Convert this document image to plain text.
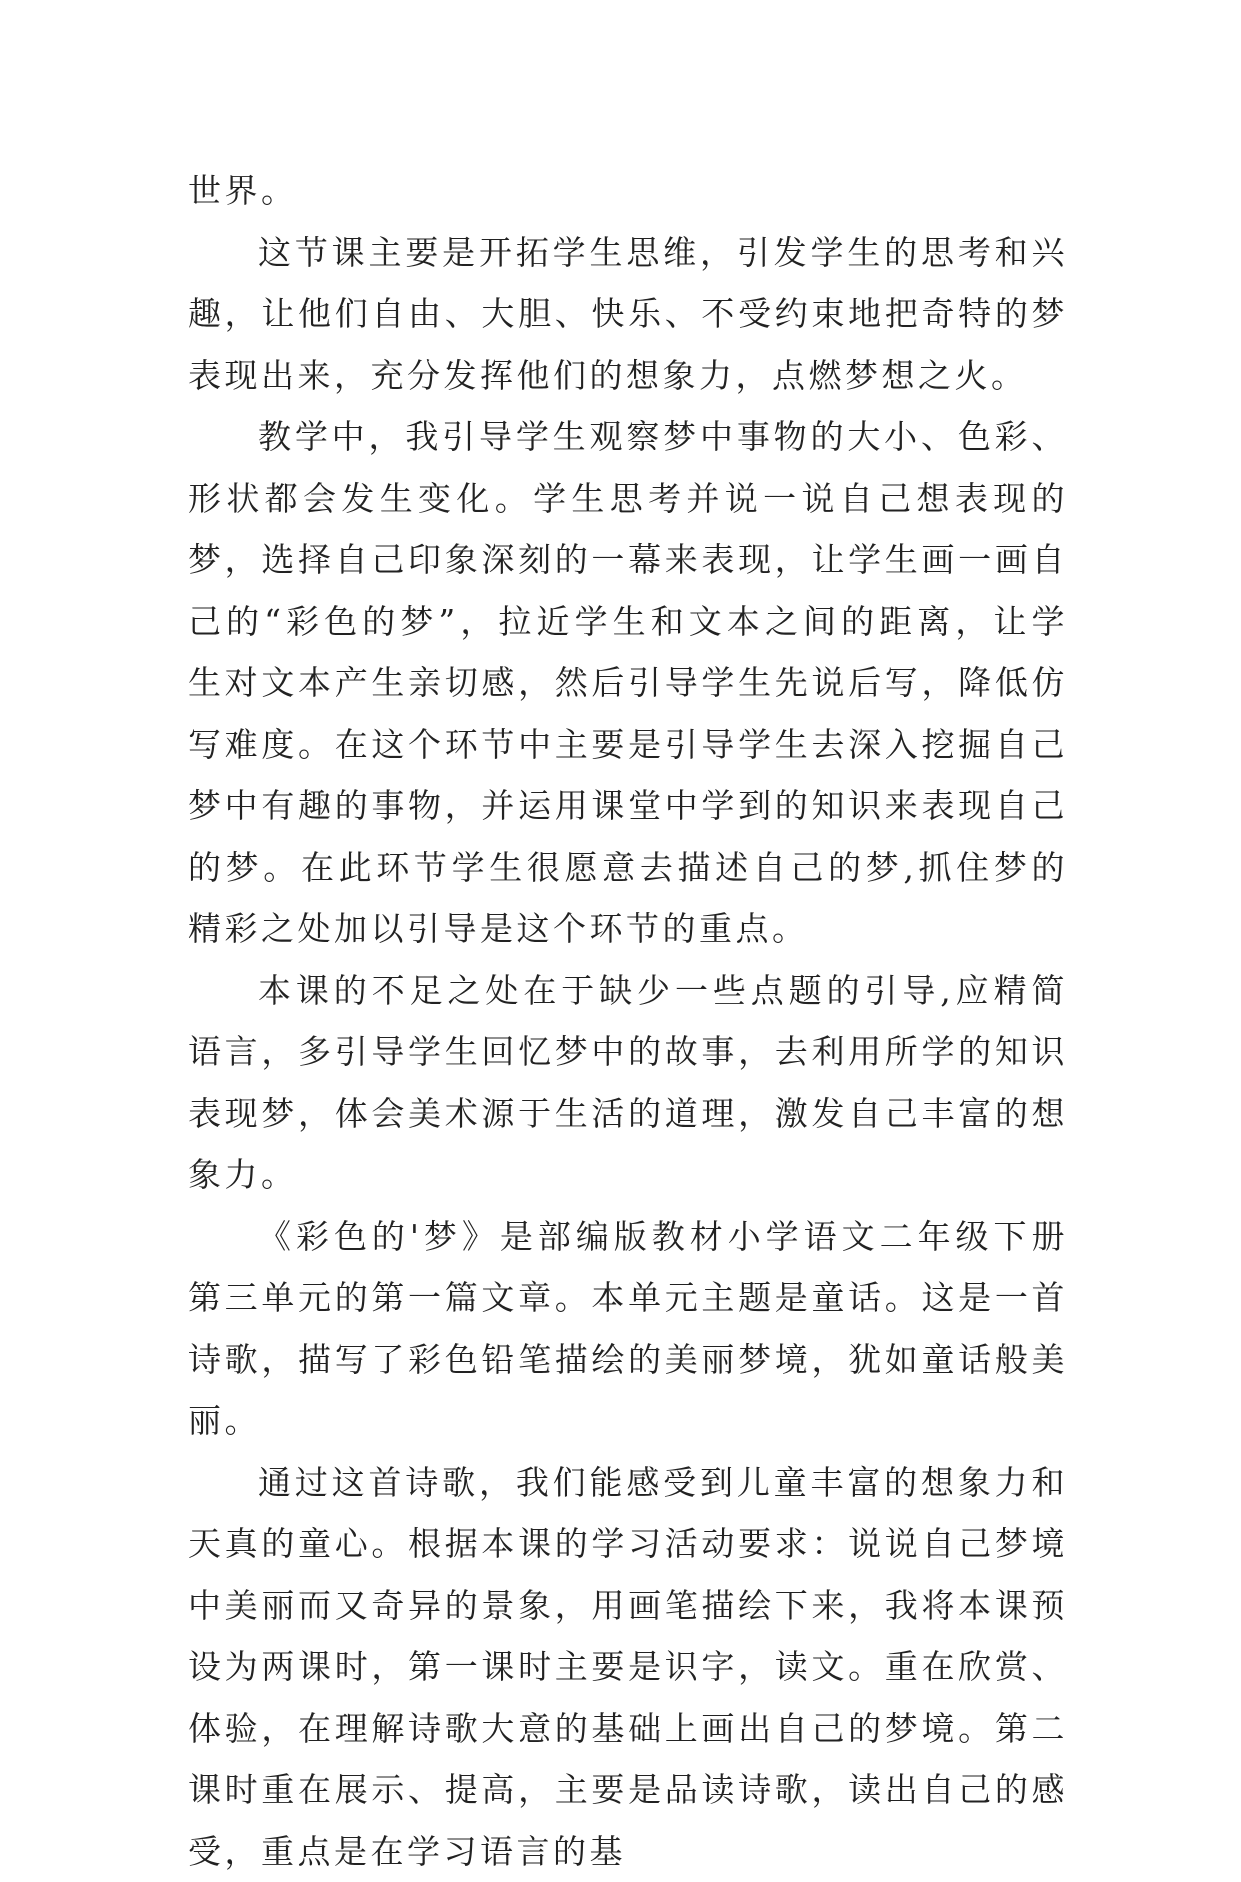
世界。

这节课主要是开拓学生思维，引发学生的思考和兴趣，让他们自由、大胆、快乐、不受约束地把奇特的梦表现出来，充分发挥他们的想象力，点燃梦想之火。

教学中，我引导学生观察梦中事物的大小、色彩、形状都会发生变化。学生思考并说一说自己想表现的梦，选择自己印象深刻的一幕来表现，让学生画一画自己的“彩色的梦”，拉近学生和文本之间的距离，让学生对文本产生亲切感，然后引导学生先说后写，降低仿写难度。在这个环节中主要是引导学生去深入挖掘自己梦中有趣的事物，并运用课堂中学到的知识来表现自己的梦。在此环节学生很愿意去描述自己的梦,抓住梦的精彩之处加以引导是这个环节的重点。

本课的不足之处在于缺少一些点题的引导,应精简语言，多引导学生回忆梦中的故事，去利用所学的知识表现梦，体会美术源于生活的道理，激发自己丰富的想象力。

《彩色的'梦》是部编版教材小学语文二年级下册第三单元的第一篇文章。本单元主题是童话。这是一首诗歌，描写了彩色铅笔描绘的美丽梦境，犹如童话般美丽。

通过这首诗歌，我们能感受到儿童丰富的想象力和天真的童心。根据本课的学习活动要求：说说自己梦境中美丽而又奇异的景象，用画笔描绘下来，我将本课预设为两课时，第一课时主要是识字，读文。重在欣赏、体验，在理解诗歌大意的基础上画出自己的梦境。第二课时重在展示、提高，主要是品读诗歌，读出自己的感受，重点是在学习语言的基
